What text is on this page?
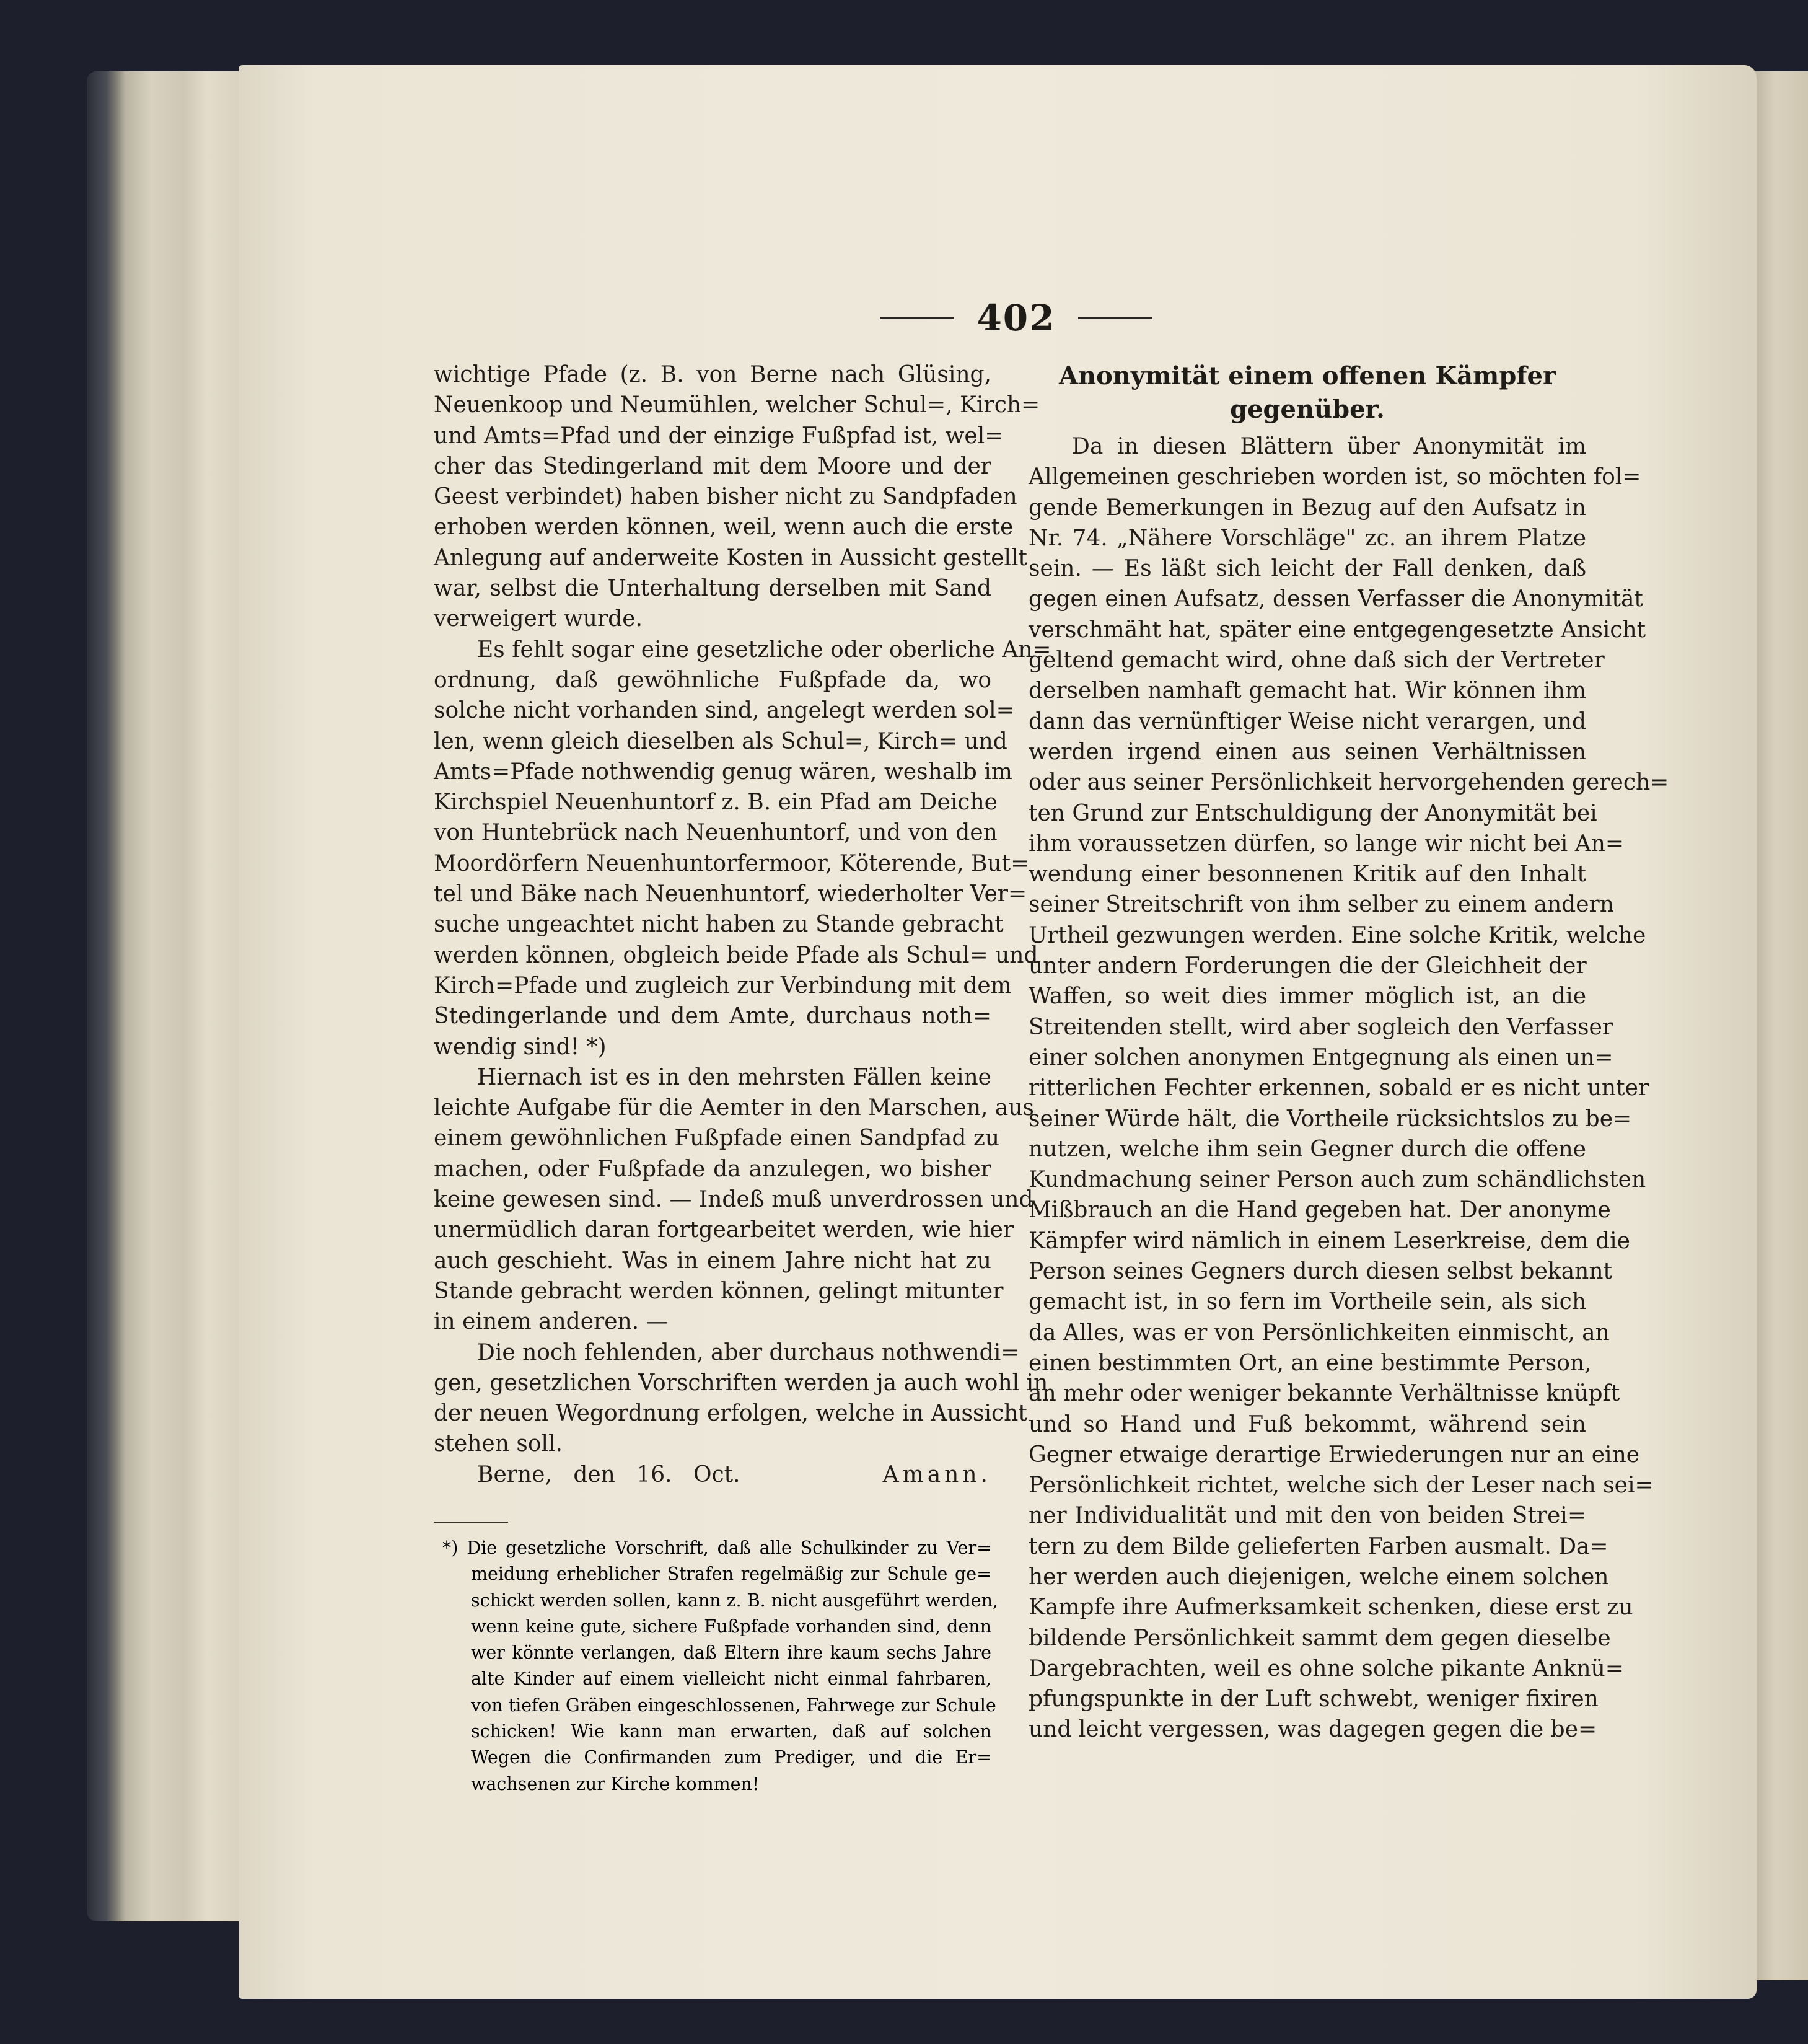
402
wichtige Pfade (z. B. von Berne nach Glüsing,
Neuenkoop und Neumühlen, welcher Schul=, Kirch=
und Amts=Pfad und der einzige Fußpfad ist, wel=
cher das Stedingerland mit dem Moore und der
Geest verbindet) haben bisher nicht zu Sandpfaden
erhoben werden können, weil, wenn auch die erste
Anlegung auf anderweite Kosten in Aussicht gestellt
war, selbst die Unterhaltung derselben mit Sand
verweigert wurde.
Es fehlt sogar eine gesetzliche oder oberliche An=
ordnung, daß gewöhnliche Fußpfade da, wo
solche nicht vorhanden sind, angelegt werden sol=
len, wenn gleich dieselben als Schul=, Kirch= und
Amts=Pfade nothwendig genug wären, weshalb im
Kirchspiel Neuenhuntorf z. B. ein Pfad am Deiche
von Huntebrück nach Neuenhuntorf, und von den
Moordörfern Neuenhuntorfermoor, Köterende, But=
tel und Bäke nach Neuenhuntorf, wiederholter Ver=
suche ungeachtet nicht haben zu Stande gebracht
werden können, obgleich beide Pfade als Schul= und
Kirch=Pfade und zugleich zur Verbindung mit dem
Stedingerlande und dem Amte, durchaus noth=
wendig sind! *)
Hiernach ist es in den mehrsten Fällen keine
leichte Aufgabe für die Aemter in den Marschen, aus
einem gewöhnlichen Fußpfade einen Sandpfad zu
machen, oder Fußpfade da anzulegen, wo bisher
keine gewesen sind. — Indeß muß unverdrossen und
unermüdlich daran fortgearbeitet werden, wie hier
auch geschieht. Was in einem Jahre nicht hat zu
Stande gebracht werden können, gelingt mitunter
in einem anderen. —
Die noch fehlenden, aber durchaus nothwendi=
gen, gesetzlichen Vorschriften werden ja auch wohl in
der neuen Wegordnung erfolgen, welche in Aussicht
stehen soll.
Berne, den 16. Oct.	Amann.
Anonymität einem offenen Kämpfer
gegenüber.
Da in diesen Blättern über Anonymität im
Allgemeinen geschrieben worden ist, so möchten fol=
gende Bemerkungen in Bezug auf den Aufsatz in
Nr. 74. „Nähere Vorschläge" zc. an ihrem Platze
sein. — Es läßt sich leicht der Fall denken, daß
gegen einen Aufsatz, dessen Verfasser die Anonymität
verschmäht hat, später eine entgegengesetzte Ansicht
geltend gemacht wird, ohne daß sich der Vertreter
derselben namhaft gemacht hat. Wir können ihm
dann das vernünftiger Weise nicht verargen, und
werden irgend einen aus seinen Verhältnissen
oder aus seiner Persönlichkeit hervorgehenden gerech=
ten Grund zur Entschuldigung der Anonymität bei
ihm voraussetzen dürfen, so lange wir nicht bei An=
wendung einer besonnenen Kritik auf den Inhalt
seiner Streitschrift von ihm selber zu einem andern
Urtheil gezwungen werden. Eine solche Kritik, welche
unter andern Forderungen die der Gleichheit der
Waffen, so weit dies immer möglich ist, an die
Streitenden stellt, wird aber sogleich den Verfasser
einer solchen anonymen Entgegnung als einen un=
ritterlichen Fechter erkennen, sobald er es nicht unter
seiner Würde hält, die Vortheile rücksichtslos zu be=
nutzen, welche ihm sein Gegner durch die offene
Kundmachung seiner Person auch zum schändlichsten
Mißbrauch an die Hand gegeben hat. Der anonyme
Kämpfer wird nämlich in einem Leserkreise, dem die
Person seines Gegners durch diesen selbst bekannt
gemacht ist, in so fern im Vortheile sein, als sich
da Alles, was er von Persönlichkeiten einmischt, an
einen bestimmten Ort, an eine bestimmte Person,
an mehr oder weniger bekannte Verhältnisse knüpft
und so Hand und Fuß bekommt, während sein
Gegner etwaige derartige Erwiederungen nur an eine
Persönlichkeit richtet, welche sich der Leser nach sei=
ner Individualität und mit den von beiden Strei=
tern zu dem Bilde gelieferten Farben ausmalt. Da=
her werden auch diejenigen, welche einem solchen
Kampfe ihre Aufmerksamkeit schenken, diese erst zu
bildende Persönlichkeit sammt dem gegen dieselbe
Dargebrachten, weil es ohne solche pikante Anknü=
pfungspunkte in der Luft schwebt, weniger fixiren
und leicht vergessen, was dagegen gegen die be=
*) Die gesetzliche Vorschrift, daß alle Schulkinder zu Ver=
meidung erheblicher Strafen regelmäßig zur Schule ge=
schickt werden sollen, kann z. B. nicht ausgeführt werden,
wenn keine gute, sichere Fußpfade vorhanden sind, denn
wer könnte verlangen, daß Eltern ihre kaum sechs Jahre
alte Kinder auf einem vielleicht nicht einmal fahrbaren,
von tiefen Gräben eingeschlossenen, Fahrwege zur Schule
schicken! Wie kann man erwarten, daß auf solchen
Wegen die Confirmanden zum Prediger, und die Er=
wachsenen zur Kirche kommen!
